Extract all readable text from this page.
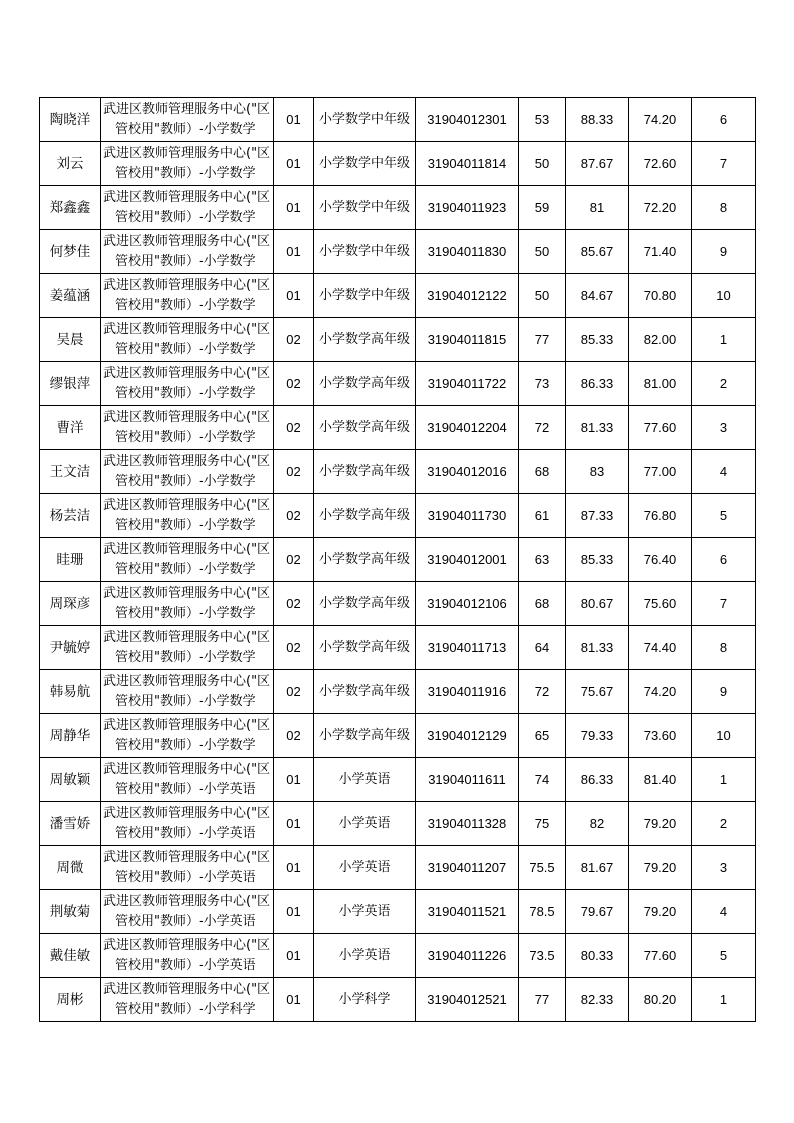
陶晓洋	武进区教师管理服务中心("区
管校用"教师）-小学数学	01	小学数学中年级	31904012301	53	88.33	74.20	6
刘云	武进区教师管理服务中心("区
管校用"教师）-小学数学	01	小学数学中年级	31904011814	50	87.67	72.60	7
郑鑫鑫	武进区教师管理服务中心("区
管校用"教师）-小学数学	01	小学数学中年级	31904011923	59	81	72.20	8
何梦佳	武进区教师管理服务中心("区
管校用"教师）-小学数学	01	小学数学中年级	31904011830	50	85.67	71.40	9
姜蕴涵	武进区教师管理服务中心("区
管校用"教师）-小学数学	01	小学数学中年级	31904012122	50	84.67	70.80	10
吴晨	武进区教师管理服务中心("区
管校用"教师）-小学数学	02	小学数学高年级	31904011815	77	85.33	82.00	1
缪银萍	武进区教师管理服务中心("区
管校用"教师）-小学数学	02	小学数学高年级	31904011722	73	86.33	81.00	2
曹洋	武进区教师管理服务中心("区
管校用"教师）-小学数学	02	小学数学高年级	31904012204	72	81.33	77.60	3
王文洁	武进区教师管理服务中心("区
管校用"教师）-小学数学	02	小学数学高年级	31904012016	68	83	77.00	4
杨芸洁	武进区教师管理服务中心("区
管校用"教师）-小学数学	02	小学数学高年级	31904011730	61	87.33	76.80	5
眭珊	武进区教师管理服务中心("区
管校用"教师）-小学数学	02	小学数学高年级	31904012001	63	85.33	76.40	6
周琛彦	武进区教师管理服务中心("区
管校用"教师）-小学数学	02	小学数学高年级	31904012106	68	80.67	75.60	7
尹毓婷	武进区教师管理服务中心("区
管校用"教师）-小学数学	02	小学数学高年级	31904011713	64	81.33	74.40	8
韩易航	武进区教师管理服务中心("区
管校用"教师）-小学数学	02	小学数学高年级	31904011916	72	75.67	74.20	9
周静华	武进区教师管理服务中心("区
管校用"教师）-小学数学	02	小学数学高年级	31904012129	65	79.33	73.60	10
周敏颖	武进区教师管理服务中心("区
管校用"教师）-小学英语	01	小学英语	31904011611	74	86.33	81.40	1
潘雪娇	武进区教师管理服务中心("区
管校用"教师）-小学英语	01	小学英语	31904011328	75	82	79.20	2
周微	武进区教师管理服务中心("区
管校用"教师）-小学英语	01	小学英语	31904011207	75.5	81.67	79.20	3
荆敏菊	武进区教师管理服务中心("区
管校用"教师）-小学英语	01	小学英语	31904011521	78.5	79.67	79.20	4
戴佳敏	武进区教师管理服务中心("区
管校用"教师）-小学英语	01	小学英语	31904011226	73.5	80.33	77.60	5
周彬	武进区教师管理服务中心("区
管校用"教师）-小学科学	01	小学科学	31904012521	77	82.33	80.20	1
